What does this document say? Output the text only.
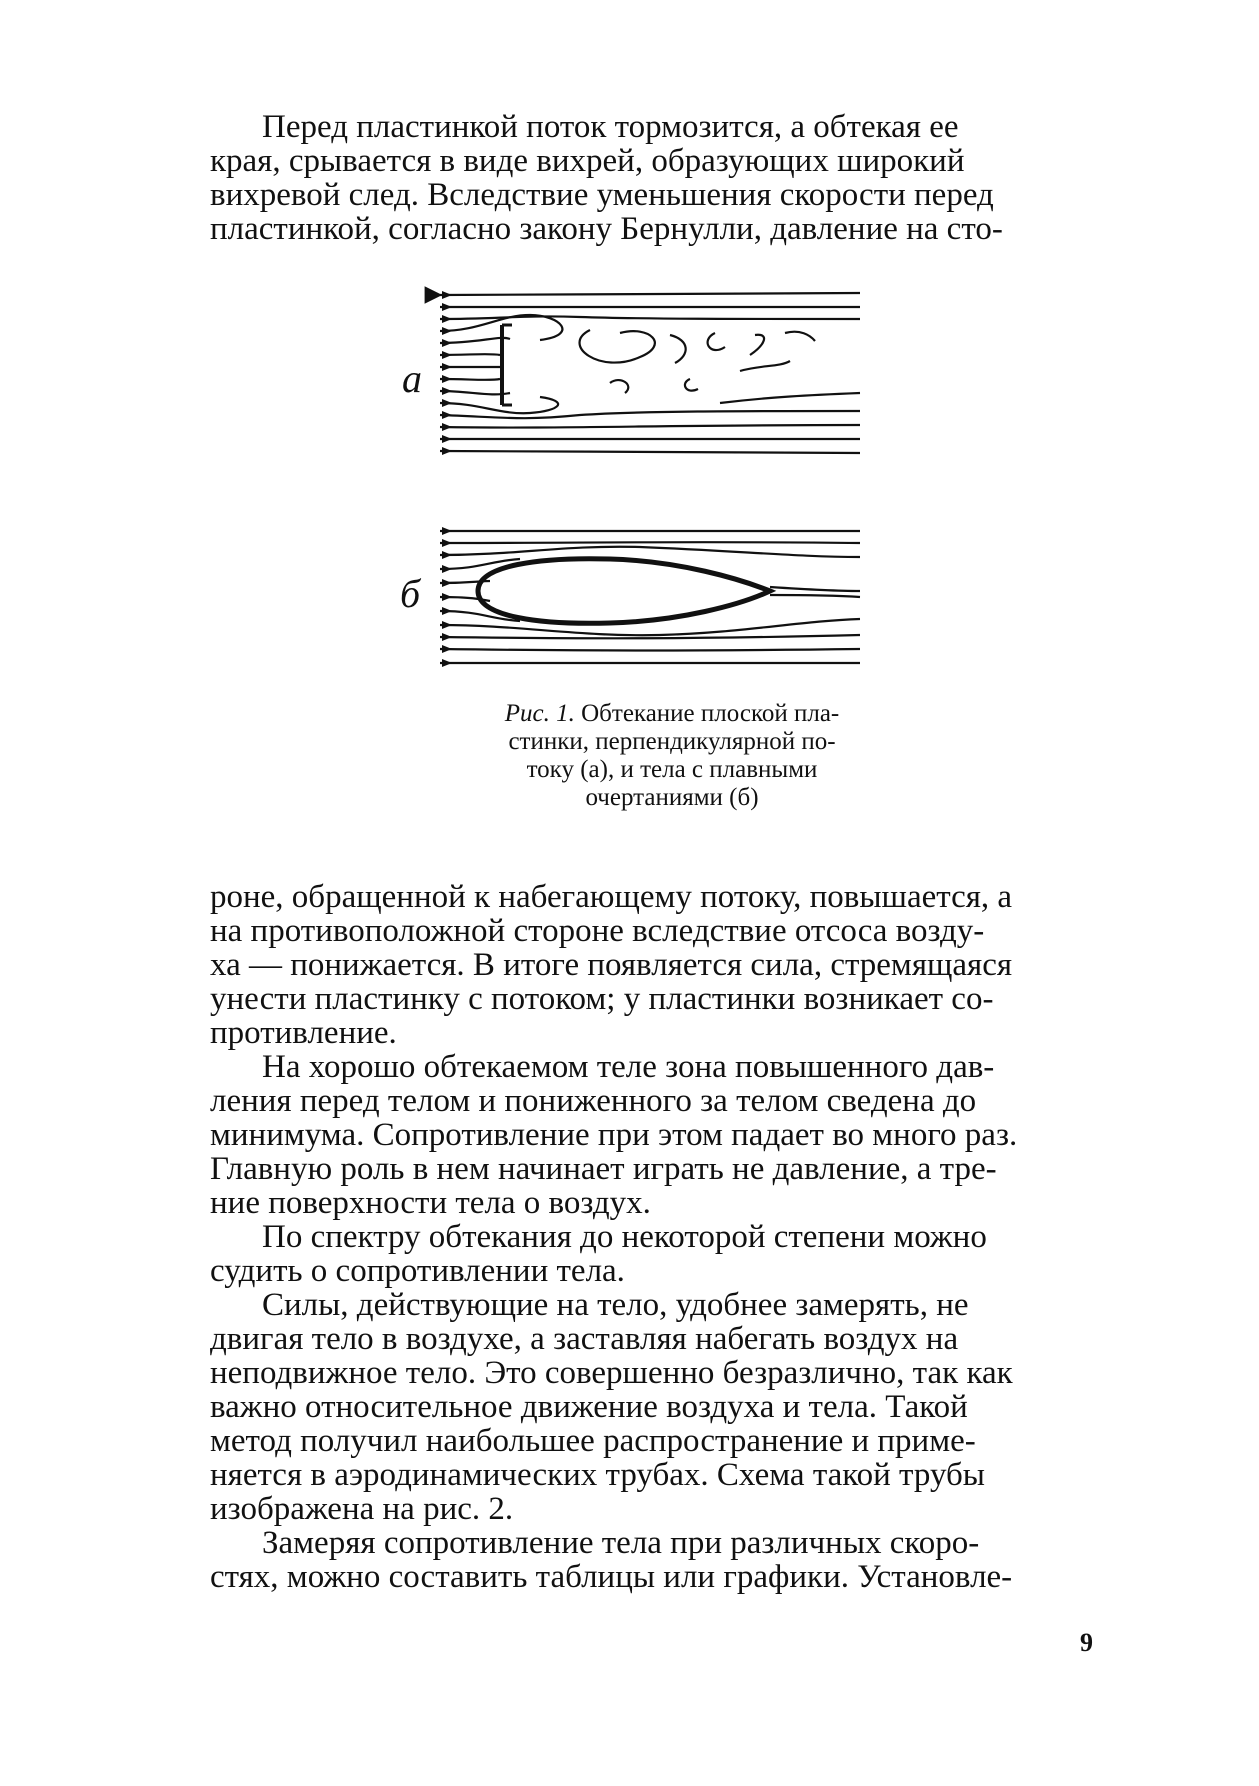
Перед пластинкой поток тормозится, а обтекая ее
края, срывается в виде вихрей, образующих широкий
вихревой след. Вследствие уменьшения скорости перед
пластинкой, согласно закону Бернулли, давление на сто-

а
б
Рис. 1. Обтекание плоской пла-
стинки, перпендикулярной по-
току (а), и тела с плавными
очертаниями (б)

роне, обращенной к набегающему потоку, повышается, а
на противоположной стороне вследствие отсоса возду-
ха — понижается. В итоге появляется сила, стремящаяся
унести пластинку с потоком; у пластинки возникает со-
противление.

На хорошо обтекаемом теле зона повышенного дав-
ления перед телом и пониженного за телом сведена до
минимума. Сопротивление при этом падает во много раз.
Главную роль в нем начинает играть не давление, а тре-
ние поверхности тела о воздух.

По спектру обтекания до некоторой степени можно
судить о сопротивлении тела.

Силы, действующие на тело, удобнее замерять, не
двигая тело в воздухе, а заставляя набегать воздух на
неподвижное тело. Это совершенно безразлично, так как
важно относительное движение воздуха и тела. Такой
метод получил наибольшее распространение и приме-
няется в аэродинамических трубах. Схема такой трубы
изображена на рис. 2.

Замеряя сопротивление тела при различных скоро-
стях, можно составить таблицы или графики. Установле-

9
